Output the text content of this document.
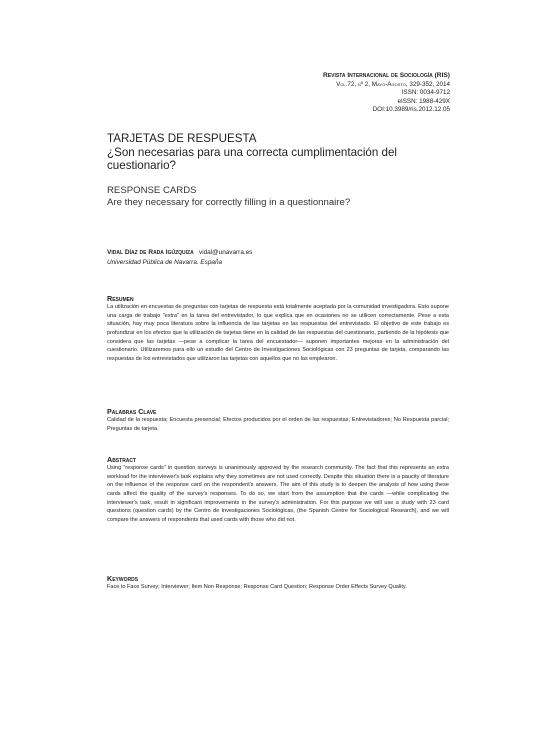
Revista Internacional de Sociología (RIS)
Vol.72, nº 2, Mayo-Agosto, 329-352, 2014
ISSN: 0034-9712
eISSN: 1988-429X
DOI:10.3989/ris.2012.12.05
TARJETAS DE RESPUESTA
¿Son necesarias para una correcta cumplimentación del cuestionario?
RESPONSE CARDS
Are they necessary for correctly filling in a questionnaire?
Vidal Díaz de Rada Igúzquiza vidal@unavarra.es
Universidad Pública de Navarra. España
Resumen
La utilización en encuestas de preguntas con tarjetas de respuesta está totalmente aceptada por la comunidad investigadora. Esto supone una carga de trabajo "extra" en la tarea del entrevistador, lo que explica que en ocasiones no se utilicen correctamente. Pese a esta situación, hay muy poca literatura sobre la influencia de las tarjetas en las respuestas del entrevistado. El objetivo de este trabajo es profundizar en los efectos que la utilización de tarjetas tiene en la calidad de las respuestas del cuestionario, partiendo de la hipótesis que considera que las tarjetas —pese a complicar la tarea del encuestador— suponen importantes mejoras en la administración del cuestionario. Utilizaremos para ello un estudio del Centro de Investigaciones Sociológicas con 23 preguntas de tarjeta, comparando las respuestas de los entrevistados que utilizaron las tarjetas con aquellos que no las emplearon.
Palabras Clave
Calidad de la respuesta; Encuesta presencial; Efectos producidos por el orden de las respuestas; Entrevistadores; No Respuesta parcial; Preguntas de tarjeta.
Abstract
Using "response cards" in question surveys is unanimously approved by the research community. The fact that this represents an extra workload for the interviewer's task explains why they sometimes are not used correctly. Despite this situation there is a paucity of literature on the influence of the response card on the respondent's answers. The aim of this study is to deepen the analysis of how using these cards affect the quality of the survey's responses. To do so, we start from the assumption that the cards —while complicating the interviewer's task, result in significant improvements in the survey's administration. For this purpose we will use a study with 23 card questions (question cards) by the Centro de Investigaciones Sociológicas, (the Spanish Centre for Sociological Research), and we will compare the answers of respondents that used cards with those who did not.
Keywords
Face to Face Survey; Interviewer; Item Non Response; Response Card Question; Response Order Effects Survey Quality.
